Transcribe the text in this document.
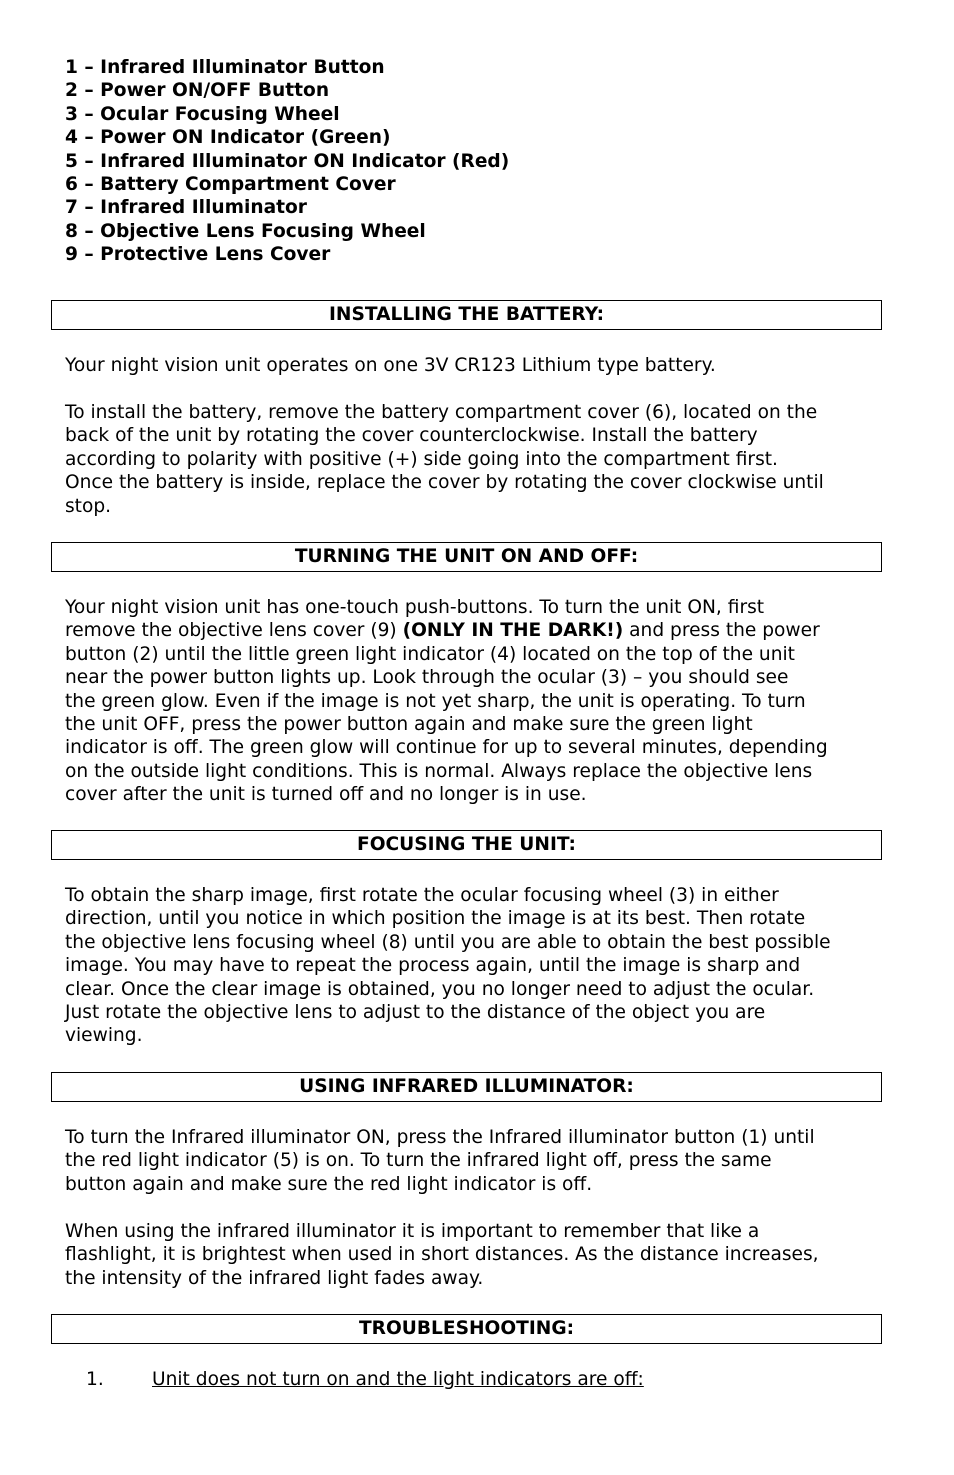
1 – Infrared Illuminator Button
2 – Power ON/OFF Button
3 – Ocular Focusing Wheel
4 – Power ON Indicator (Green)
5 – Infrared Illuminator ON Indicator (Red)
6 – Battery Compartment Cover
7 – Infrared Illuminator
8 – Objective Lens Focusing Wheel
9 – Protective Lens Cover
INSTALLING THE BATTERY:

Your night vision unit operates on one 3V CR123 Lithium type battery.

To install the battery, remove the battery compartment cover (6), located on the
back of the unit by rotating the cover counterclockwise. Install the battery
according to polarity with positive (+) side going into the compartment first.
Once the battery is inside, replace the cover by rotating the cover clockwise until
stop.

TURNING THE UNIT ON AND OFF:

Your night vision unit has one-touch push-buttons. To turn the unit ON, first
remove the objective lens cover (9) (ONLY IN THE DARK!) and press the power
button (2) until the little green light indicator (4) located on the top of the unit
near the power button lights up. Look through the ocular (3) – you should see
the green glow. Even if the image is not yet sharp, the unit is operating. To turn
the unit OFF, press the power button again and make sure the green light
indicator is off. The green glow will continue for up to several minutes, depending
on the outside light conditions. This is normal. Always replace the objective lens
cover after the unit is turned off and no longer is in use.

FOCUSING THE UNIT:

To obtain the sharp image, first rotate the ocular focusing wheel (3) in either
direction, until you notice in which position the image is at its best. Then rotate
the objective lens focusing wheel (8) until you are able to obtain the best possible
image. You may have to repeat the process again, until the image is sharp and
clear. Once the clear image is obtained, you no longer need to adjust the ocular.
Just rotate the objective lens to adjust to the distance of the object you are
viewing.

USING INFRARED ILLUMINATOR:

To turn the Infrared illuminator ON, press the Infrared illuminator button (1) until
the red light indicator (5) is on. To turn the infrared light off, press the same
button again and make sure the red light indicator is off.

When using the infrared illuminator it is important to remember that like a
flashlight, it is brightest when used in short distances. As the distance increases,
the intensity of the infrared light fades away.

TROUBLESHOOTING:
1.	Unit does not turn on and the light indicators are off:
